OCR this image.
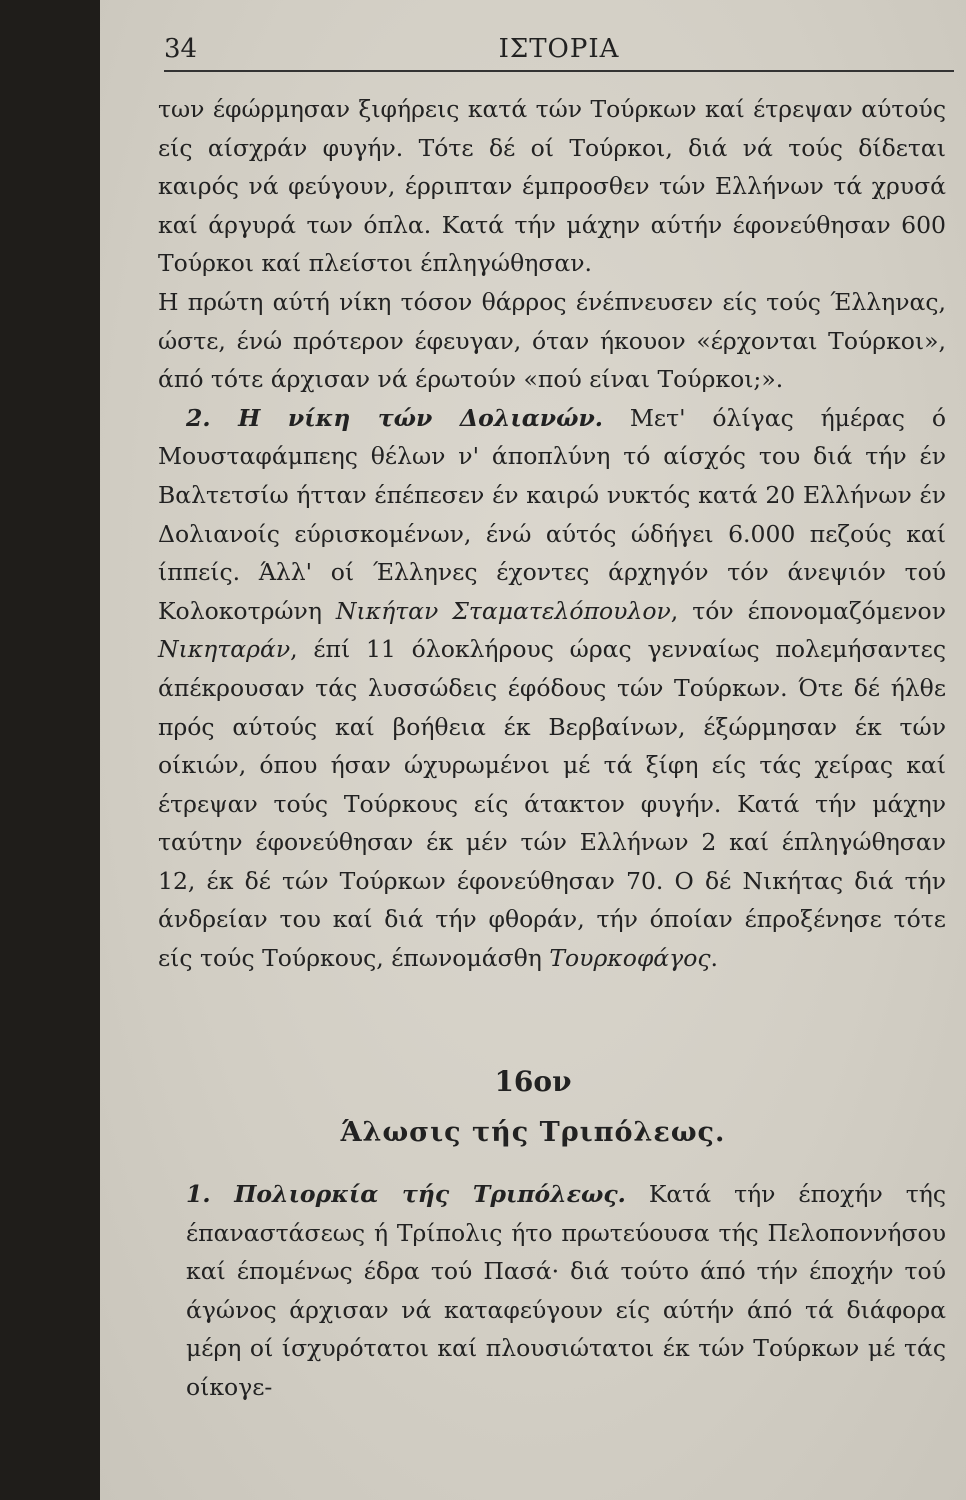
34	ΙΣΤΟΡΙΑ

των έφώρμησαν ξιφήρεις κατά τών Τούρκων καί έτρεψαν αύτούς είς αίσχράν φυγήν. Τότε δέ οί Τούρκοι, διά νά τούς δίδεται καιρός νά φεύγουν, έρριπταν έμπροσθεν τών Ελλήνων τά χρυσά καί άργυρά των όπλα. Κατά τήν μάχην αύτήν έφονεύθησαν 600 Τούρκοι καί πλείστοι έπληγώθησαν.

Η πρώτη αύτή νίκη τόσον θάρρος ένέπνευσεν είς τούς Έλληνας, ώστε, ένώ πρότερον έφευγαν, όταν ήκουον «έρχονται Τούρκοι», άπό τότε άρχισαν νά έρωτούν «πού είναι Τούρκοι;».

2. Η νίκη τών Δολιανών. Μετ' όλίγας ήμέρας ό Μουσταφάμπεης θέλων ν' άποπλύνη τό αίσχός του διά τήν έν Βαλτετσίω ήτταν έπέπεσεν έν καιρώ νυκτός κατά 20 Ελλήνων έν Δολιανοίς εύρισκομένων, ένώ αύτός ώδήγει 6.000 πεζούς καί ίππείς. Άλλ' οί Έλληνες έχοντες άρχηγόν τόν άνεψιόν τού Κολοκοτρώνη Νικήταν Σταματελόπουλον, τόν έπονομαζόμενον Νικηταράν, έπί 11 όλοκλήρους ώρας γενναίως πολεμήσαντες άπέκρουσαν τάς λυσσώδεις έφόδους τών Τούρκων. Ότε δέ ήλθε πρός αύτούς καί βοήθεια έκ Βερβαίνων, έξώρμησαν έκ τών οίκιών, όπου ήσαν ώχυρωμένοι μέ τά ξίφη είς τάς χείρας καί έτρεψαν τούς Τούρκους είς άτακτον φυγήν. Κατά τήν μάχην ταύτην έφονεύθησαν έκ μέν τών Ελλήνων 2 καί έπληγώθησαν 12, έκ δέ τών Τούρκων έφονεύθησαν 70. Ο δέ Νικήτας διά τήν άνδρείαν του καί διά τήν φθοράν, τήν όποίαν έπροξένησε τότε είς τούς Τούρκους, έπωνομάσθη Τουρκοφάγος.

16ον
Άλωσις τής Τριπόλεως.
1. Πολιορκία τής Τριπόλεως. Κατά τήν έποχήν τής έπαναστάσεως ή Τρίπολις ήτο πρωτεύουσα τής Πελοποννήσου καί έπομένως έδρα τού Πασά· διά τούτο άπό τήν έποχήν τού άγώνος άρχισαν νά καταφεύγουν είς αύτήν άπό τά διάφορα μέρη οί ίσχυρότατοι καί πλουσιώτατοι έκ τών Τούρκων μέ τάς οίκογε-
